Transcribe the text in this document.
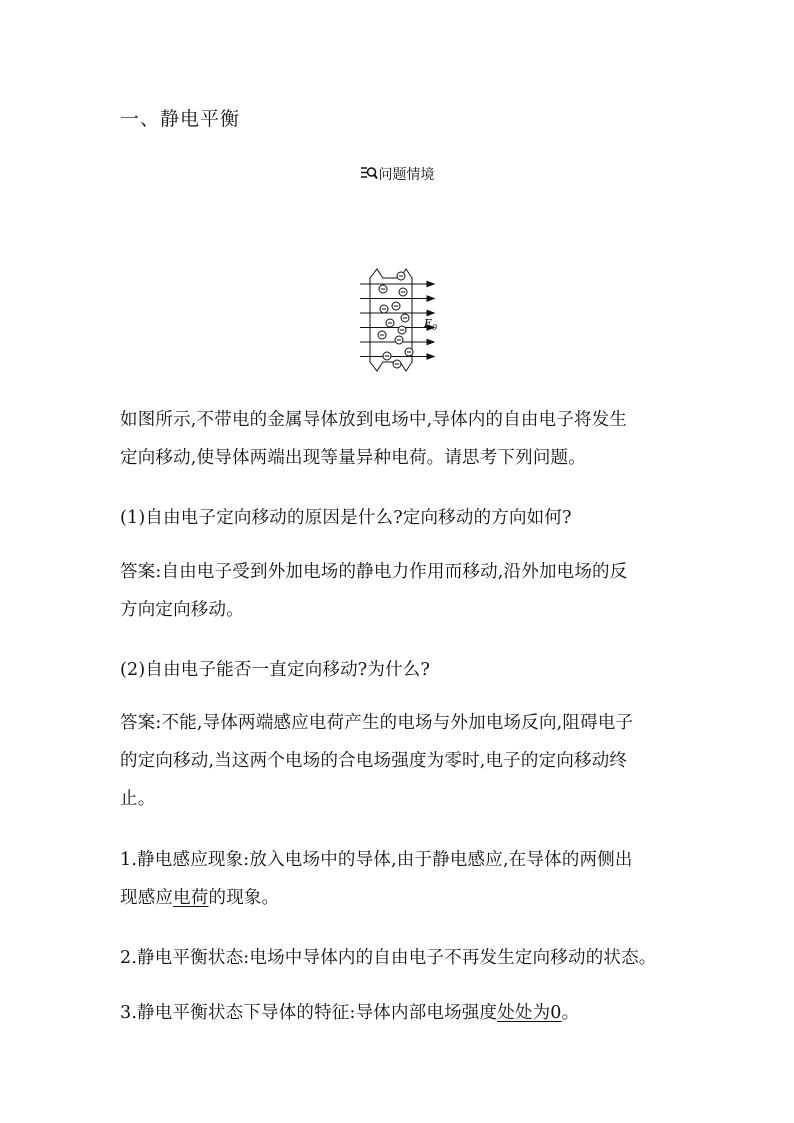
一、静电平衡
问题情境
$E_0$
如图所示,不带电的金属导体放到电场中,导体内的自由电子将发生
定向移动,使导体两端出现等量异种电荷。请思考下列问题。
(1)自由电子定向移动的原因是什么?定向移动的方向如何?
答案:自由电子受到外加电场的静电力作用而移动,沿外加电场的反
方向定向移动。
(2)自由电子能否一直定向移动?为什么?
答案:不能,导体两端感应电荷产生的电场与外加电场反向,阻碍电子
的定向移动,当这两个电场的合电场强度为零时,电子的定向移动终
止。
1.静电感应现象:放入电场中的导体,由于静电感应,在导体的两侧出
现感应电荷的现象。
2.静电平衡状态:电场中导体内的自由电子不再发生定向移动的状态。
3.静电平衡状态下导体的特征:导体内部电场强度处处为0。
